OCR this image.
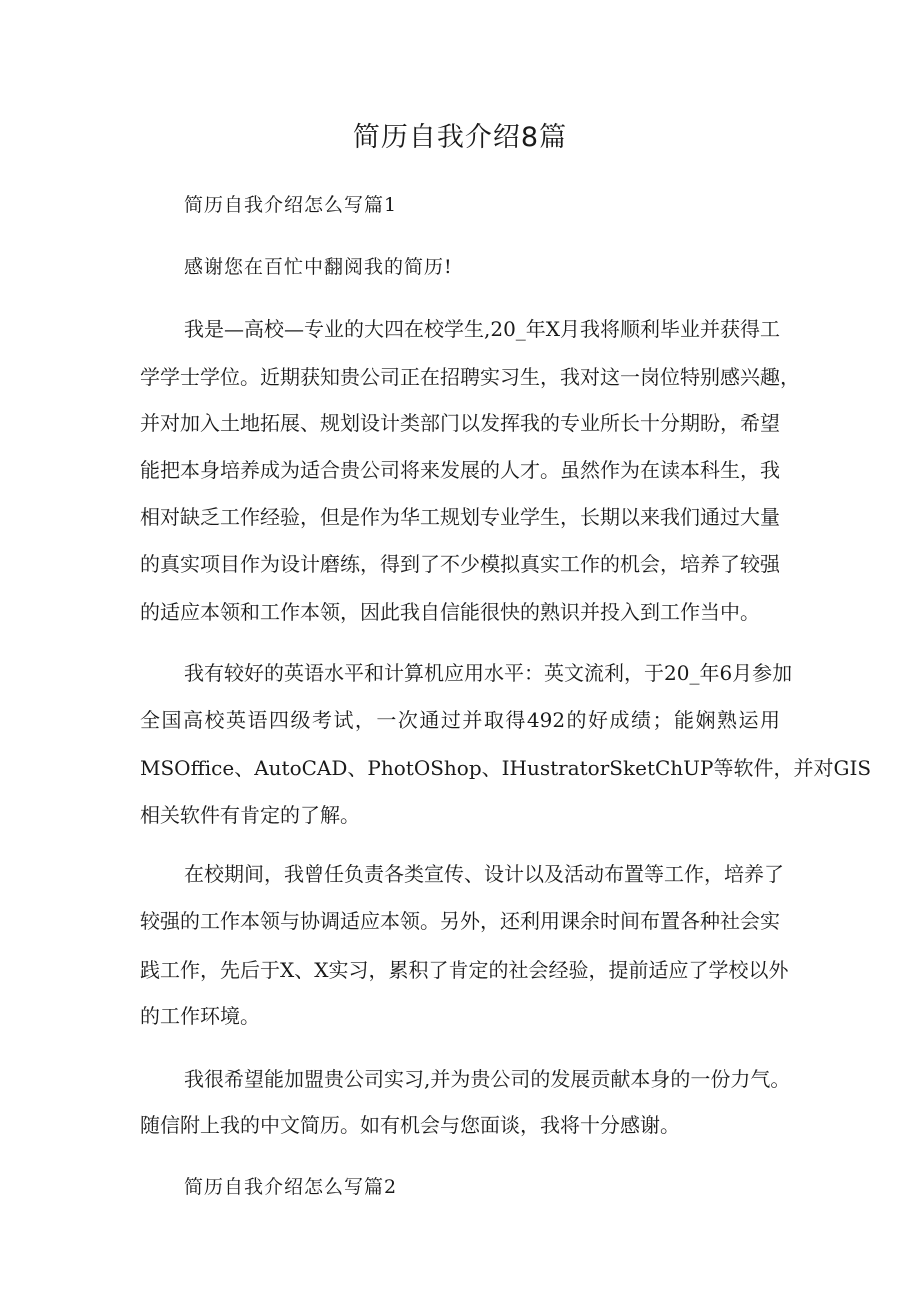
简历自我介绍8篇
简历自我介绍怎么写篇1
感谢您在百忙中翻阅我的简历!
我是—高校—专业的大四在校学生,20_年X月我将顺利毕业并获得工
学学士学位。近期获知贵公司正在招聘实习生，我对这一岗位特别感兴趣，
并对加入土地拓展、规划设计类部门以发挥我的专业所长十分期盼，希望
能把本身培养成为适合贵公司将来发展的人才。虽然作为在读本科生，我
相对缺乏工作经验，但是作为华工规划专业学生，长期以来我们通过大量
的真实项目作为设计磨练，得到了不少模拟真实工作的机会，培养了较强
的适应本领和工作本领，因此我自信能很快的熟识并投入到工作当中。
我有较好的英语水平和计算机应用水平：英文流利，于20_年6月参加
全国高校英语四级考试，一次通过并取得492的好成绩；能娴熟运用
MSOffice、AutoCAD、PhotOShop、IHustratorSketChUP等软件，并对GIS
相关软件有肯定的了解。
在校期间，我曾任负责各类宣传、设计以及活动布置等工作，培养了
较强的工作本领与协调适应本领。另外，还利用课余时间布置各种社会实
践工作，先后于X、X实习，累积了肯定的社会经验，提前适应了学校以外
的工作环境。
我很希望能加盟贵公司实习,并为贵公司的发展贡献本身的一份力气。
随信附上我的中文简历。如有机会与您面谈，我将十分感谢。
简历自我介绍怎么写篇2
